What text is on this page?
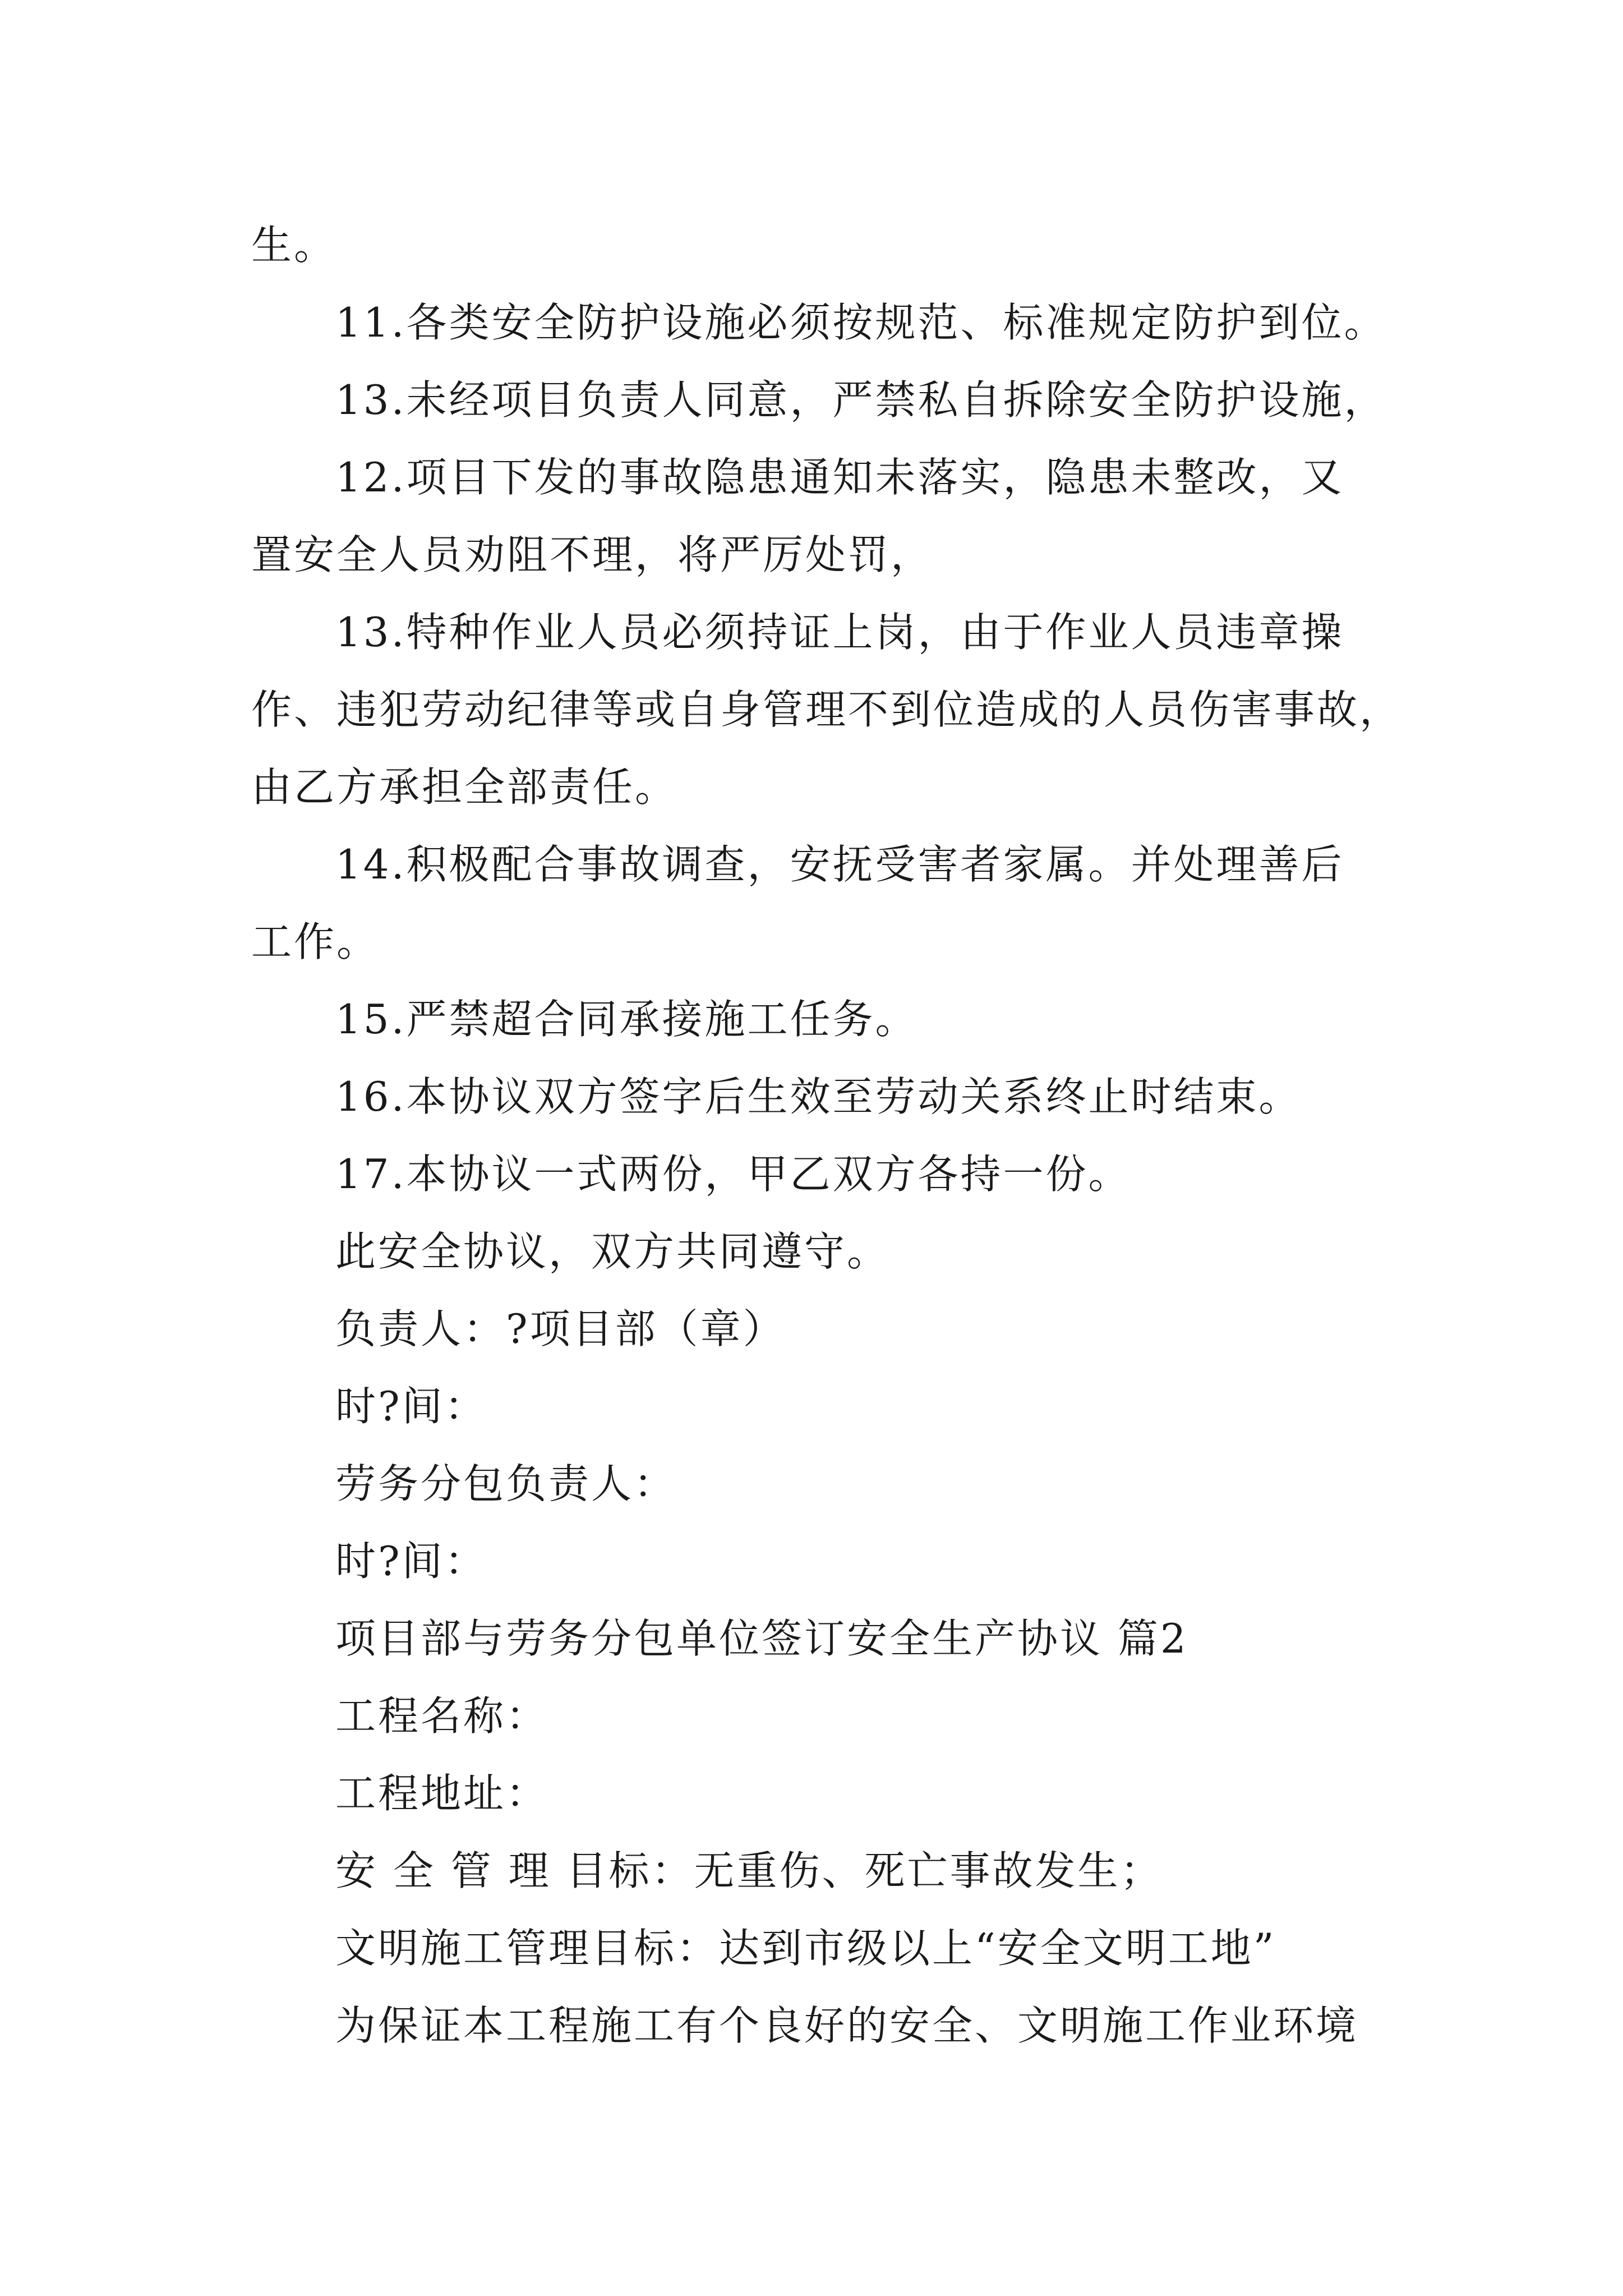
生。
11.各类安全防护设施必须按规范、标准规定防护到位。
13.未经项目负责人同意，严禁私自拆除安全防护设施，
12.项目下发的事故隐患通知未落实，隐患未整改，又
置安全人员劝阻不理，将严厉处罚，
13.特种作业人员必须持证上岗，由于作业人员违章操
作、违犯劳动纪律等或自身管理不到位造成的人员伤害事故，
由乙方承担全部责任。
14.积极配合事故调查，安抚受害者家属。并处理善后
工作。
15.严禁超合同承接施工任务。
16.本协议双方签字后生效至劳动关系终止时结束。
17.本协议一式两份，甲乙双方各持一份。
此安全协议，双方共同遵守。
负责人：?项目部（章）
时?间：
劳务分包负责人：
时?间：
项目部与劳务分包单位签订安全生产协议 篇2
工程名称：
工程地址：
安 全 管 理 目标：无重伤、死亡事故发生；
文明施工管理目标：达到市级以上“安全文明工地”
为保证本工程施工有个良好的安全、文明施工作业环境
